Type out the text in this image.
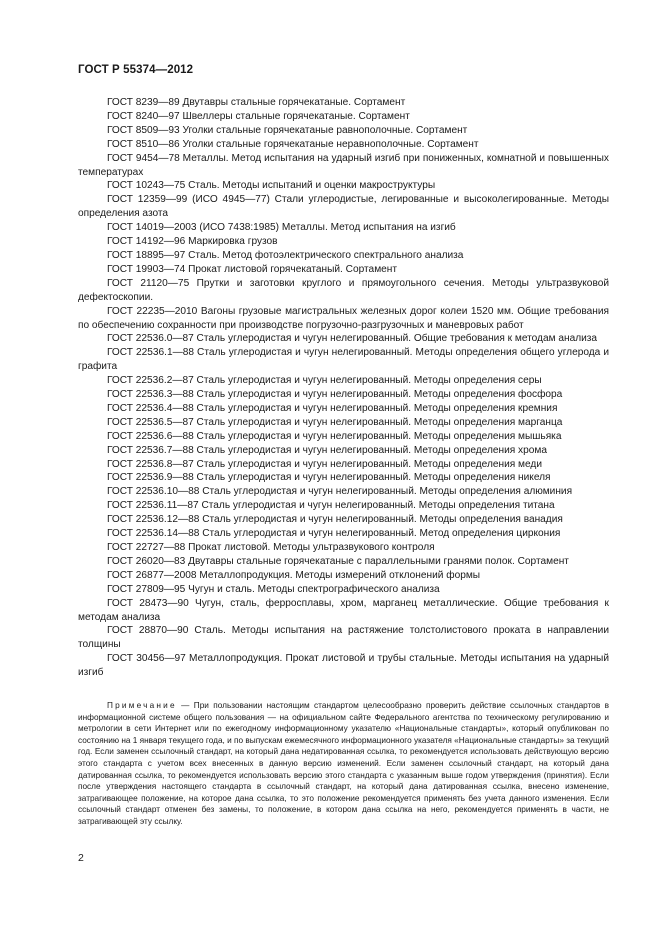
ГОСТ Р 55374—2012

ГОСТ 8239—89 Двутавры стальные горячекатаные. Сортамент

ГОСТ 8240—97 Швеллеры стальные горячекатаные. Сортамент

ГОСТ 8509—93 Уголки стальные горячекатаные равнополочные. Сортамент

ГОСТ 8510—86 Уголки стальные горячекатаные неравнополочные. Сортамент

ГОСТ 9454—78 Металлы. Метод испытания на ударный изгиб при пониженных, комнатной и повышенных температурах

ГОСТ 10243—75 Сталь. Методы испытаний и оценки макроструктуры

ГОСТ 12359—99 (ИСО 4945—77) Стали углеродистые, легированные и высоколегированные. Методы определения азота

ГОСТ 14019—2003 (ИСО 7438:1985) Металлы. Метод испытания на изгиб

ГОСТ 14192—96 Маркировка грузов

ГОСТ 18895—97 Сталь. Метод фотоэлектрического спектрального анализа

ГОСТ 19903—74 Прокат листовой горячекатаный. Сортамент

ГОСТ 21120—75 Прутки и заготовки круглого и прямоугольного сечения. Методы ультразвуковой дефектоскопии.

ГОСТ 22235—2010 Вагоны грузовые магистральных железных дорог колеи 1520 мм. Общие требования по обеспечению сохранности при производстве погрузочно-разгрузочных и маневровых работ

ГОСТ 22536.0—87 Сталь углеродистая и чугун нелегированный. Общие требования к методам анализа

ГОСТ 22536.1—88 Сталь углеродистая и чугун нелегированный. Методы определения общего углерода и графита

ГОСТ 22536.2—87 Сталь углеродистая и чугун нелегированный. Методы определения серы

ГОСТ 22536.3—88 Сталь углеродистая и чугун нелегированный. Методы определения фосфора

ГОСТ 22536.4—88 Сталь углеродистая и чугун нелегированный. Методы определения кремния

ГОСТ 22536.5—87 Сталь углеродистая и чугун нелегированный. Методы определения марганца

ГОСТ 22536.6—88 Сталь углеродистая и чугун нелегированный. Методы определения мышьяка

ГОСТ 22536.7—88 Сталь углеродистая и чугун нелегированный. Методы определения хрома

ГОСТ 22536.8—87 Сталь углеродистая и чугун нелегированный. Методы определения меди

ГОСТ 22536.9—88 Сталь углеродистая и чугун нелегированный. Методы определения никеля

ГОСТ 22536.10—88 Сталь углеродистая и чугун нелегированный. Методы определения алюминия

ГОСТ 22536.11—87 Сталь углеродистая и чугун нелегированный. Методы определения титана

ГОСТ 22536.12—88 Сталь углеродистая и чугун нелегированный. Методы определения ванадия

ГОСТ 22536.14—88 Сталь углеродистая и чугун нелегированный. Метод определения циркония

ГОСТ 22727—88 Прокат листовой. Методы ультразвукового контроля

ГОСТ 26020—83 Двутавры стальные горячекатаные с параллельными гранями полок. Сортамент

ГОСТ 26877—2008 Металлопродукция. Методы измерений отклонений формы

ГОСТ 27809—95 Чугун и сталь. Методы спектрографического анализа

ГОСТ 28473—90 Чугун, сталь, ферросплавы, хром, марганец металлические. Общие требования к методам анализа

ГОСТ 28870—90 Сталь. Методы испытания на растяжение толстолистового проката в направлении толщины

ГОСТ 30456—97 Металлопродукция. Прокат листовой и трубы стальные. Методы испытания на ударный изгиб

Примечание — При пользовании настоящим стандартом целесообразно проверить действие ссылочных стандартов в информационной системе общего пользования — на официальном сайте Федерального агентства по техническому регулированию и метрологии в сети Интернет или по ежегодному информационному указателю «Национальные стандарты», который опубликован по состоянию на 1 января текущего года, и по выпускам ежемесячного информационного указателя «Национальные стандарты» за текущий год. Если заменен ссылочный стандарт, на который дана недатированная ссылка, то рекомендуется использовать действующую версию этого стандарта с учетом всех внесенных в данную версию изменений. Если заменен ссылочный стандарт, на который дана датированная ссылка, то рекомендуется использовать версию этого стандарта с указанным выше годом утверждения (принятия). Если после утверждения настоящего стандарта в ссылочный стандарт, на который дана датированная ссылка, внесено изменение, затрагивающее положение, на которое дана ссылка, то это положение рекомендуется применять без учета данного изменения. Если ссылочный стандарт отменен без замены, то положение, в котором дана ссылка на него, рекомендуется применять в части, не затрагивающей эту ссылку.

2
